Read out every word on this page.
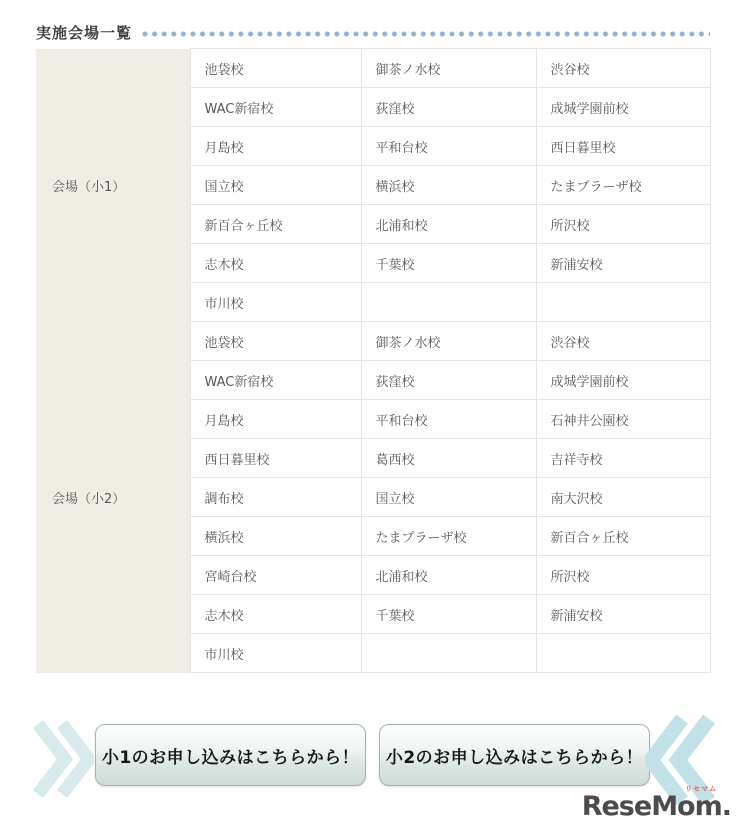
実施会場一覧
会場（小1）	池袋校	御茶ノ水校	渋谷校
	WAC新宿校	荻窪校	成城学園前校
	月島校	平和台校	西日暮里校
	国立校	横浜校	たまプラーザ校
	新百合ヶ丘校	北浦和校	所沢校
	志木校	千葉校	新浦安校
	市川校		
会場（小2）	池袋校	御茶ノ水校	渋谷校
	WAC新宿校	荻窪校	成城学園前校
	月島校	平和台校	石神井公園校
	西日暮里校	葛西校	吉祥寺校
	調布校	国立校	南大沢校
	横浜校	たまプラーザ校	新百合ヶ丘校
	宮崎台校	北浦和校	所沢校
	志木校	千葉校	新浦安校
	市川校		
小1のお申し込みはこちらから！	小2のお申し込みはこちらから！
ReseMom.
リセマム
